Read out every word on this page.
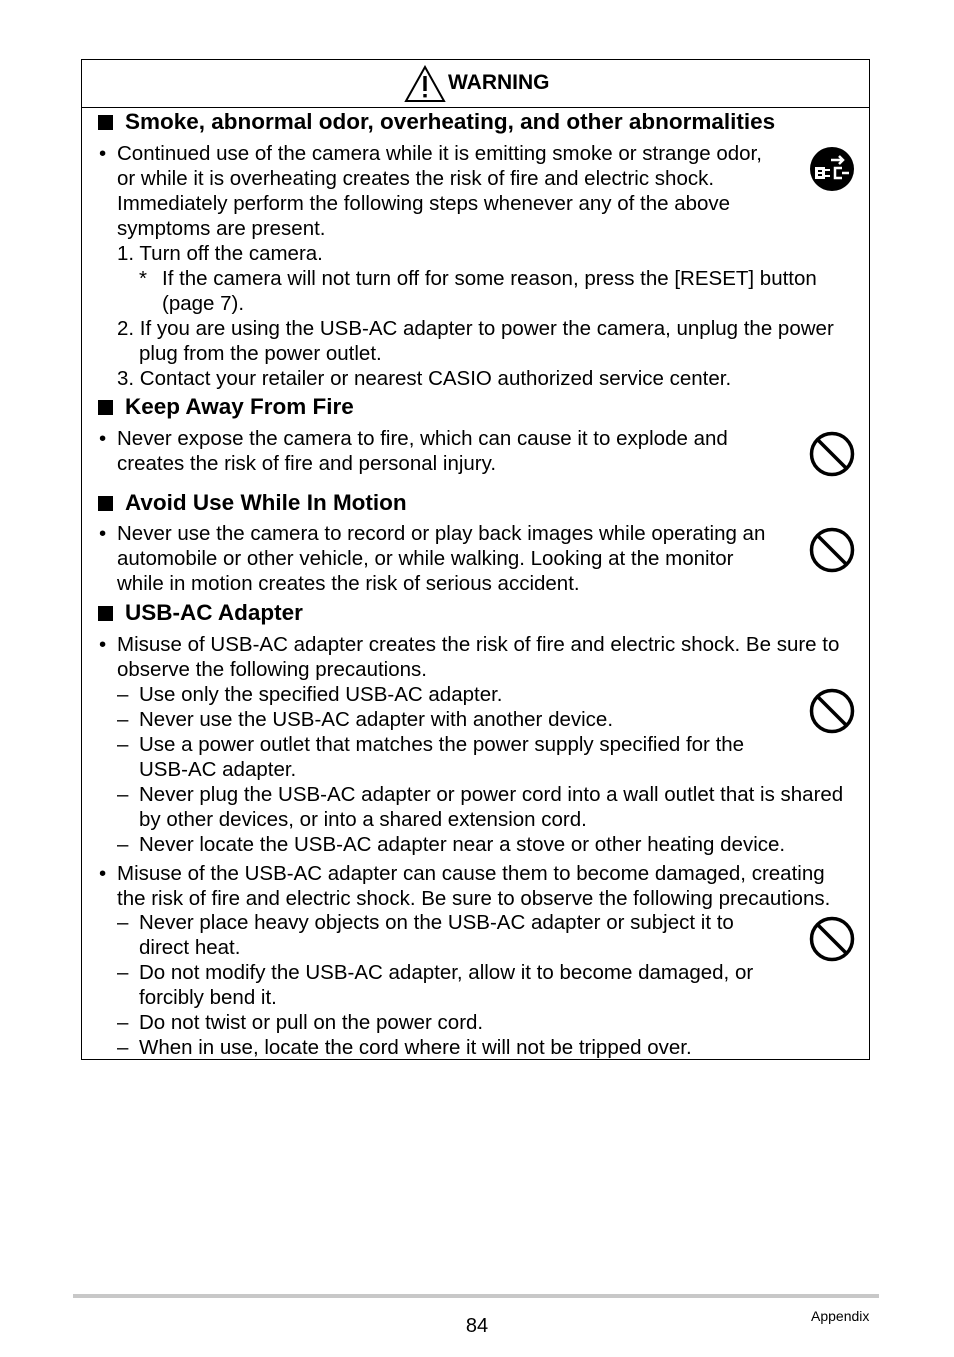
WARNING
Smoke, abnormal odor, overheating, and other abnormalities
• Continued use of the camera while it is emitting smoke or strange odor,
or while it is overheating creates the risk of fire and electric shock.
Immediately perform the following steps whenever any of the above
symptoms are present.
1. Turn off the camera.
* If the camera will not turn off for some reason, press the [RESET] button
(page 7).
2. If you are using the USB-AC adapter to power the camera, unplug the power
plug from the power outlet.
3. Contact your retailer or nearest CASIO authorized service center.
Keep Away From Fire
• Never expose the camera to fire, which can cause it to explode and
creates the risk of fire and personal injury.
Avoid Use While In Motion
• Never use the camera to record or play back images while operating an
automobile or other vehicle, or while walking. Looking at the monitor
while in motion creates the risk of serious accident.
USB-AC Adapter
• Misuse of USB-AC adapter creates the risk of fire and electric shock. Be sure to
observe the following precautions.
– Use only the specified USB-AC adapter.
– Never use the USB-AC adapter with another device.
– Use a power outlet that matches the power supply specified for the
USB-AC adapter.
– Never plug the USB-AC adapter or power cord into a wall outlet that is shared
by other devices, or into a shared extension cord.
– Never locate the USB-AC adapter near a stove or other heating device.
• Misuse of the USB-AC adapter can cause them to become damaged, creating
the risk of fire and electric shock. Be sure to observe the following precautions.
– Never place heavy objects on the USB-AC adapter or subject it to
direct heat.
– Do not modify the USB-AC adapter, allow it to become damaged, or
forcibly bend it.
– Do not twist or pull on the power cord.
– When in use, locate the cord where it will not be tripped over.
84	Appendix
